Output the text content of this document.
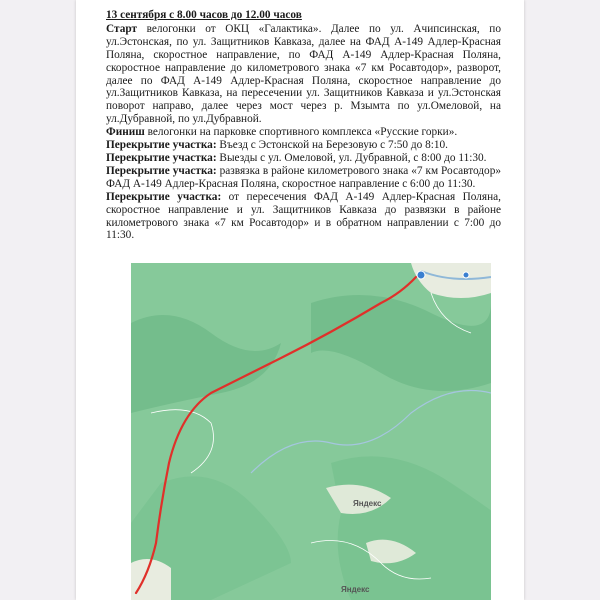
13 сентября с 8.00 часов до 12.00 часов
Старт велогонки от ОКЦ «Галактика». Далее по ул. Ачипсинская, по ул.Эстонская, по ул. Защитников Кавказа, далее на ФАД А-149 Адлер-Красная Поляна, скоростное направление, по ФАД А-149 Адлер-Красная Поляна, скоростное направление до километрового знака «7 км Росавтодор», разворот, далее по ФАД А-149 Адлер-Красная Поляна, скоростное направление до ул.Защитников Кавказа, на пересечении ул. Защитников Кавказа и ул.Эстонская поворот направо, далее через мост через р. Мзымта по ул.Омеловой, на ул.Дубравной, по ул.Дубравной.
Финиш велогонки на парковке спортивного комплекса «Русские горки».
Перекрытие участка: Въезд с Эстонской на Березовую с 7:50 до 8:10.
Перекрытие участка: Выезды с ул. Омеловой, ул. Дубравной, с 8:00 до 11:30.
Перекрытие участка: развязка в районе километрового знака «7 км Росавтодор» ФАД А-149 Адлер-Красная Поляна, скоростное направление с 6:00 до 11:30.
Перекрытие участка: от пересечения ФАД А-149 Адлер-Красная Поляна, скоростное направление и ул. Защитников Кавказа до развязки в районе километрового знака «7 км Росавтодор» и в обратном направлении с 7:00 до 11:30.
Яндекс
Яндекс
